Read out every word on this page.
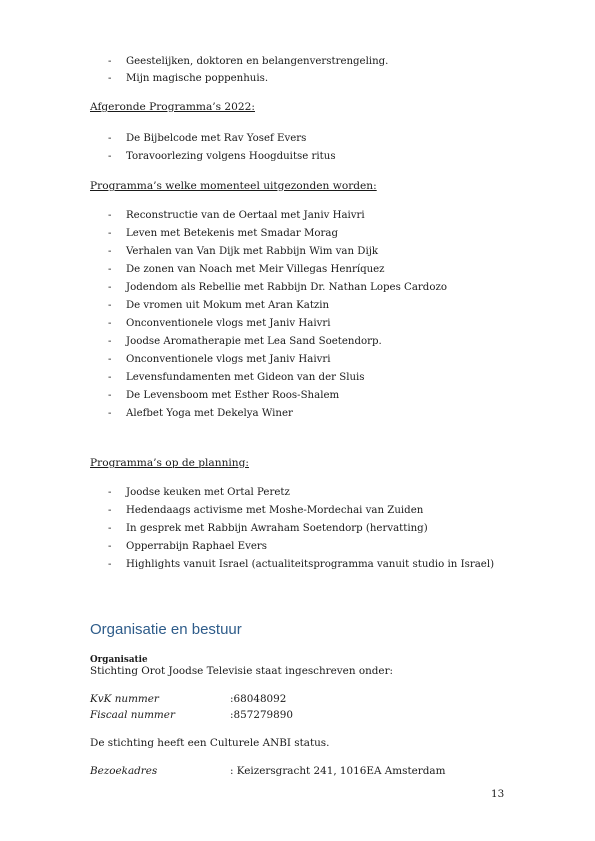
- Geestelijken, doktoren en belangenverstrengeling.
- Mijn magische poppenhuis.
Afgeronde Programma’s 2022:
- De Bijbelcode met Rav Yosef Evers
- Toravoorlezing volgens Hoogduitse ritus
Programma’s welke momenteel uitgezonden worden:
- Reconstructie van de Oertaal met Janiv Haivri
- Leven met Betekenis met Smadar Morag
- Verhalen van Van Dijk met Rabbijn Wim van Dijk
- De zonen van Noach met Meir Villegas Henríquez
- Jodendom als Rebellie met Rabbijn Dr. Nathan Lopes Cardozo
- De vromen uit Mokum met Aran Katzin
- Onconventionele vlogs met Janiv Haivri
- Joodse Aromatherapie met Lea Sand Soetendorp.
- Onconventionele vlogs met Janiv Haivri
- Levensfundamenten met Gideon van der Sluis
- De Levensboom met Esther Roos-Shalem
- Alefbet Yoga met Dekelya Winer
Programma’s op de planning:
- Joodse keuken met Ortal Peretz
- Hedendaags activisme met Moshe-Mordechai van Zuiden
- In gesprek met Rabbijn Awraham Soetendorp (hervatting)
- Opperrabijn Raphael Evers
- Highlights vanuit Israel (actualiteitsprogramma vanuit studio in Israel)
Organisatie en bestuur
Organisatie
Stichting Orot Joodse Televisie staat ingeschreven onder:
KvK nummer	:68048092
Fiscaal nummer	:857279890
De stichting heeft een Culturele ANBI status.
Bezoekadres	: Keizersgracht 241, 1016EA Amsterdam
13
